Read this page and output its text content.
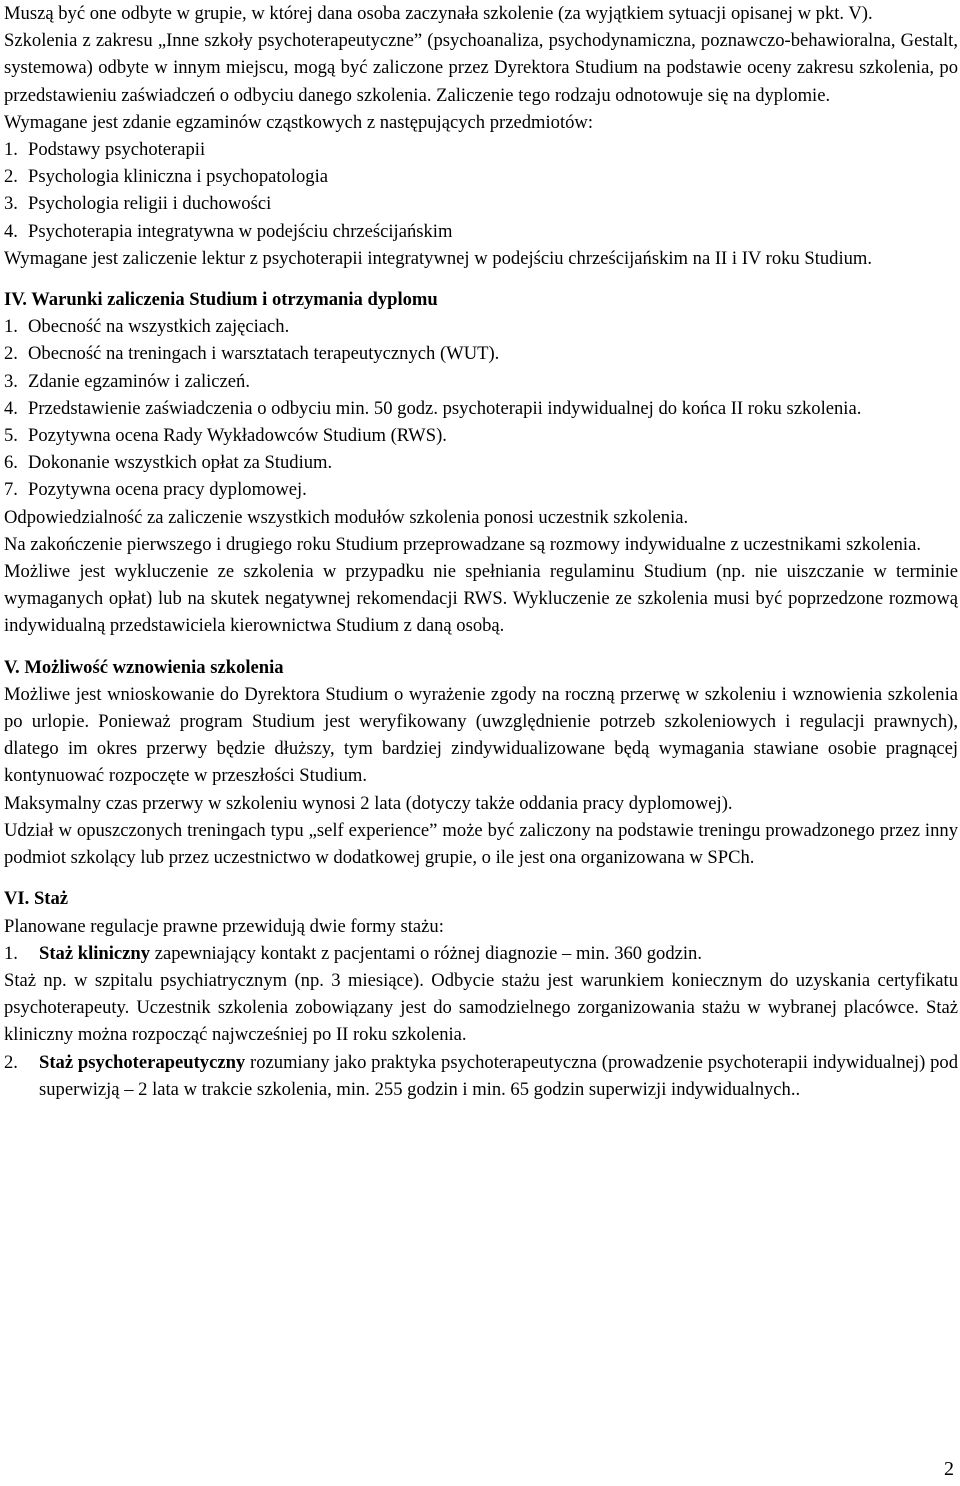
Muszą być one odbyte w grupie, w której dana osoba zaczynała szkolenie (za wyjątkiem sytuacji opisanej w pkt. V).

Szkolenia z zakresu „Inne szkoły psychoterapeutyczne” (psychoanaliza, psychodynamiczna, poznawczo-behawioralna, Gestalt, systemowa) odbyte w innym miejscu, mogą być zaliczone przez Dyrektora Studium na podstawie oceny zakresu szkolenia, po przedstawieniu zaświadczeń o odbyciu danego szkolenia. Zaliczenie tego rodzaju odnotowuje się na dyplomie.

Wymagane jest zdanie egzaminów cząstkowych z następujących przedmiotów:

1. Podstawy psychoterapii

2. Psychologia kliniczna i psychopatologia

3. Psychologia religii i duchowości

4. Psychoterapia integratywna w podejściu chrześcijańskim

Wymagane jest zaliczenie lektur z psychoterapii integratywnej w podejściu chrześcijańskim na II i IV roku Studium.

IV. Warunki zaliczenia Studium i otrzymania dyplomu

1. Obecność na wszystkich zajęciach.

2. Obecność na treningach i warsztatach terapeutycznych (WUT).

3. Zdanie egzaminów i zaliczeń.

4. Przedstawienie zaświadczenia o odbyciu min. 50 godz. psychoterapii indywidualnej do końca II roku szkolenia.

5. Pozytywna ocena Rady Wykładowców Studium (RWS).

6. Dokonanie wszystkich opłat za Studium.

7. Pozytywna ocena pracy dyplomowej.

Odpowiedzialność za zaliczenie wszystkich modułów szkolenia ponosi uczestnik szkolenia.

Na zakończenie pierwszego i drugiego roku Studium przeprowadzane są rozmowy indywidualne z uczestnikami szkolenia.

Możliwe jest wykluczenie ze szkolenia w przypadku nie spełniania regulaminu Studium (np. nie uiszczanie w terminie wymaganych opłat) lub na skutek negatywnej rekomendacji RWS. Wykluczenie ze szkolenia musi być poprzedzone rozmową indywidualną przedstawiciela kierownictwa Studium z daną osobą.

V. Możliwość wznowienia szkolenia

Możliwe jest wnioskowanie do Dyrektora Studium o wyrażenie zgody na roczną przerwę w szkoleniu i wznowienia szkolenia po urlopie. Ponieważ program Studium jest weryfikowany (uwzględnienie potrzeb szkoleniowych i regulacji prawnych), dlatego im okres przerwy będzie dłuższy, tym bardziej zindywidualizowane będą wymagania stawiane osobie pragnącej kontynuować rozpoczęte w przeszłości Studium.

Maksymalny czas przerwy w szkoleniu wynosi 2 lata (dotyczy także oddania pracy dyplomowej).

Udział w opuszczonych treningach typu „self experience” może być zaliczony na podstawie treningu prowadzonego przez inny podmiot szkolący lub przez uczestnictwo w dodatkowej grupie, o ile jest ona organizowana w SPCh.

VI. Staż

Planowane regulacje prawne przewidują dwie formy stażu:

1. Staż kliniczny zapewniający kontakt z pacjentami o różnej diagnozie – min. 360 godzin.

Staż np. w szpitalu psychiatrycznym (np. 3 miesiące). Odbycie stażu jest warunkiem koniecznym do uzyskania certyfikatu psychoterapeuty. Uczestnik szkolenia zobowiązany jest do samodzielnego zorganizowania stażu w wybranej placówce. Staż kliniczny można rozpocząć najwcześniej po II roku szkolenia.

2. Staż psychoterapeutyczny rozumiany jako praktyka psychoterapeutyczna (prowadzenie psychoterapii indywidualnej) pod superwizją – 2 lata w trakcie szkolenia, min. 255 godzin i min. 65 godzin superwizji indywidualnych..

2
